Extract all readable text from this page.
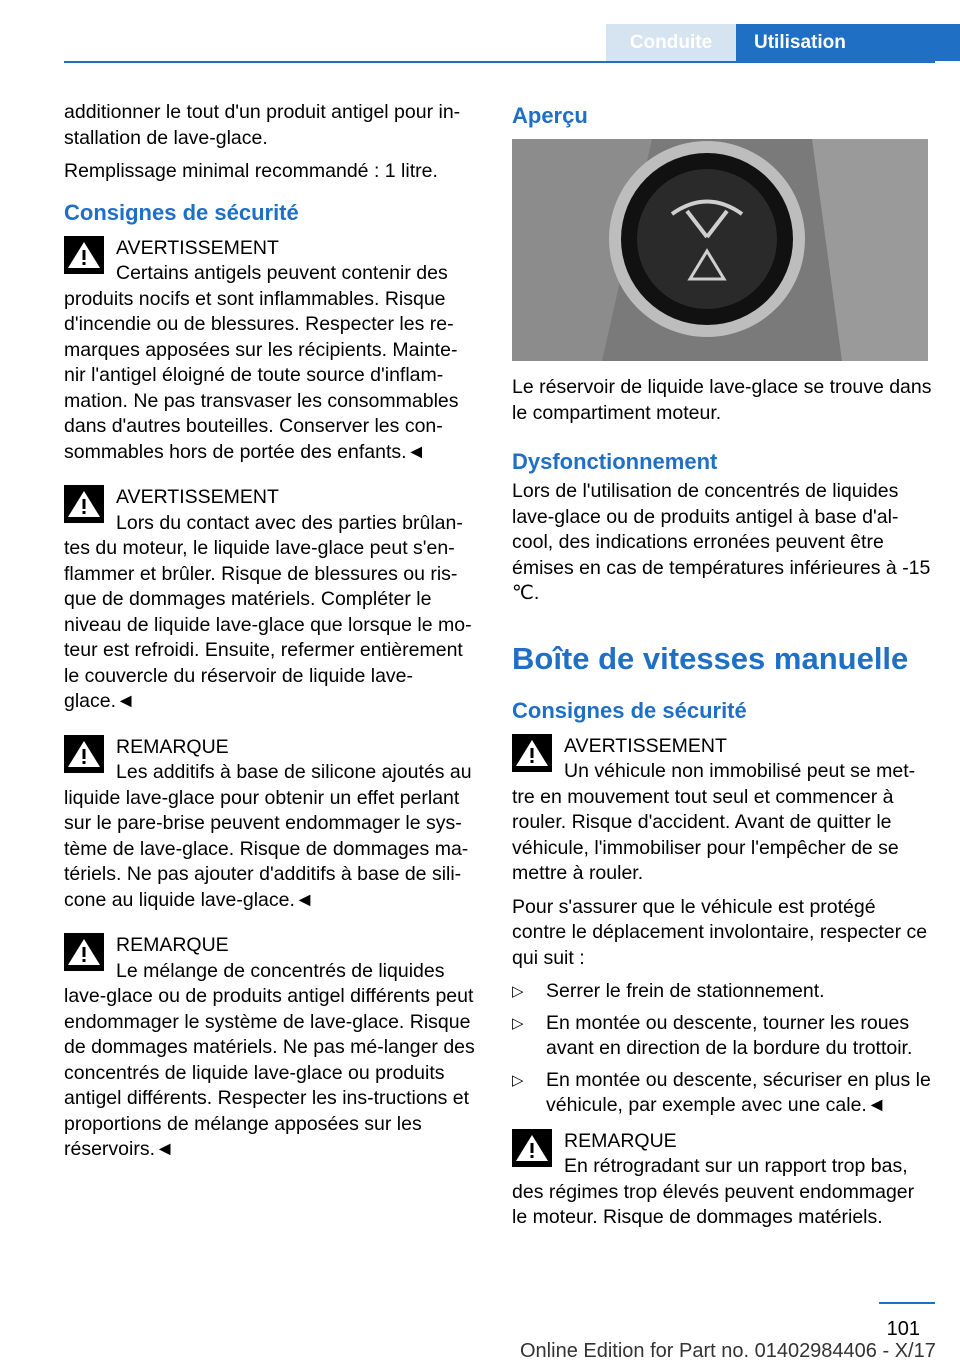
Conduite	Utilisation

additionner le tout d'un produit antigel pour in-stallation de lave-glace.

Remplissage minimal recommandé : 1 litre.

Consignes de sécurité
AVERTISSEMENT
Certains antigels peuvent contenir des produits nocifs et sont inflammables. Risque d'incendie ou de blessures. Respecter les re-marques apposées sur les récipients. Mainte-nir l'antigel éloigné de toute source d'inflam-mation. Ne pas transvaser les consommables dans d'autres bouteilles. Conserver les con-sommables hors de portée des enfants.◄
AVERTISSEMENT
Lors du contact avec des parties brûlan-tes du moteur, le liquide lave-glace peut s'en-flammer et brûler. Risque de blessures ou ris-que de dommages matériels. Compléter le niveau de liquide lave-glace que lorsque le mo-teur est refroidi. Ensuite, refermer entièrement le couvercle du réservoir de liquide lave-glace.◄
REMARQUE
Les additifs à base de silicone ajoutés au liquide lave-glace pour obtenir un effet perlant sur le pare-brise peuvent endommager le sys-tème de lave-glace. Risque de dommages ma-tériels. Ne pas ajouter d'additifs à base de sili-cone au liquide lave-glace.◄
REMARQUE
Le mélange de concentrés de liquides lave-glace ou de produits antigel différents peut endommager le système de lave-glace. Risque de dommages matériels. Ne pas mé-langer des concentrés de liquide lave-glace ou produits antigel différents. Respecter les ins-tructions et proportions de mélange apposées sur les réservoirs.◄
Aperçu

Le réservoir de liquide lave-glace se trouve dans le compartiment moteur.

Dysfonctionnement

Lors de l'utilisation de concentrés de liquides lave-glace ou de produits antigel à base d'al-cool, des indications erronées peuvent être émises en cas de températures inférieures à -15 ℃.

Boîte de vitesses manuelle
Consignes de sécurité
AVERTISSEMENT
Un véhicule non immobilisé peut se met-tre en mouvement tout seul et commencer à rouler. Risque d'accident. Avant de quitter le véhicule, l'immobiliser pour l'empêcher de se mettre à rouler.

Pour s'assurer que le véhicule est protégé contre le déplacement involontaire, respecter ce qui suit :

▷ Serrer le frein de stationnement.
▷ En montée ou descente, tourner les roues avant en direction de la bordure du trottoir.
▷ En montée ou descente, sécuriser en plus le véhicule, par exemple avec une cale.◄
REMARQUE
En rétrogradant sur un rapport trop bas, des régimes trop élevés peuvent endommager le moteur. Risque de dommages matériels.
101
Online Edition for Part no. 01402984406 - X/17
